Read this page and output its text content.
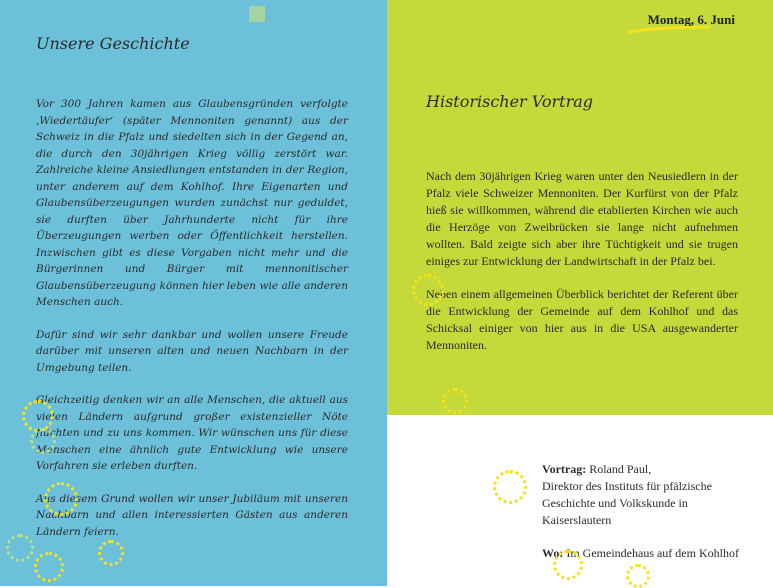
Montag, 6. Juni
Unsere Geschichte

Vor 300 Jahren kamen aus Glaubensgründen verfolgte ‚Wiedertäufer‘ (später Mennoniten genannt) aus der Schweiz in die Pfalz und siedelten sich in der Gegend an, die durch den 30jährigen Krieg völlig zerstört war. Zahlreiche kleine Ansiedlungen entstanden in der Region, unter anderem auf dem Kohlhof. Ihre Eigenarten und Glaubensüberzeugungen wurden zunächst nur geduldet, sie durften über Jahrhunderte nicht für ihre Überzeugungen werben oder Öffentlichkeit herstellen. Inzwischen gibt es diese Vorgaben nicht mehr und die Bürgerinnen und Bürger mit mennonitischer Glaubensüberzeugung können hier leben wie alle anderen Menschen auch.

Dafür sind wir sehr dankbar und wollen unsere Freude darüber mit unseren alten und neuen Nachbarn in der Umgebung teilen.

Gleichzeitig denken wir an alle Menschen, die aktuell aus vielen Ländern aufgrund großer existenzieller Nöte flüchten und zu uns kommen. Wir wünschen uns für diese Menschen eine ähnlich gute Entwicklung wie unsere Vorfahren sie erleben durften.

Aus diesem Grund wollen wir unser Jubiläum mit unseren Nachbarn und allen interessierten Gästen aus anderen Ländern feiern.

Historischer Vortrag

Nach dem 30jährigen Krieg waren unter den Neusiedlern in der Pfalz viele Schweizer Mennoniten. Der Kurfürst von der Pfalz hieß sie willkommen, während die etablierten Kirchen wie auch die Herzöge von Zweibrücken sie lange nicht aufnehmen wollten. Bald zeigte sich aber ihre Tüchtigkeit und sie trugen einiges zur Entwicklung der Landwirtschaft in der Pfalz bei.

Neben einem allgemeinen Überblick berichtet der Referent über die Entwicklung der Gemeinde auf dem Kohlhof und das Schicksal einiger von hier aus in die USA ausgewanderter Mennoniten.

Vortrag: Roland Paul,
Direktor des Instituts für pfälzische Geschichte und Volkskunde in Kaiserslautern

Wo: Im Gemeindehaus auf dem Kohlhof
